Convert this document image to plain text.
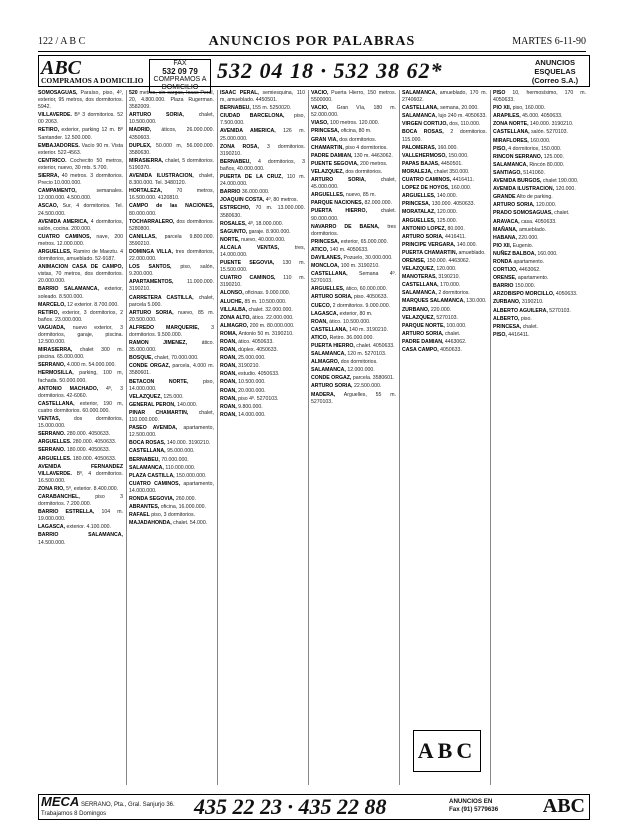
122 / A B C	ANUNCIOS POR PALABRAS	MARTES 6-11-90
ABC
COMPRAMOS A DOMICILIO
FAX
532 09 79
COMPRAMOS A DOMICILIO
532 04 18 · 532 38 62*	ANUNCIOS ESQUELAS (Correo S.A.)
SOMOSAGUAS, Paraíso, piso, 4º, exterior, 95 metros, dos dormitorios. 5942.
VILLAVERDE. Bº 3 dormitorios. 52 00 2063.
RETIRO, exterior, parking 12 m. Bº Santander. 12.500.000.
EMBAJADORES. Vacío 90 m. Vista exterior. 522-4563.
CENTRICO. Cochecito 50 metros, exterior, nuevo, 30 mts. 5.700.
SIERRA, 40 metros. 3 dormitorios. Precio 10.000.000.
CAMPAMENTO,	semanales. 12.000.000. 4.500.000.
ASCAO, Sur, 4 dormitorios. Tel. 24.500.000.
AVENIDA AMERICA, 4 dormitorios, salón, cocina. 200.000.
CUATRO CAMINOS, nave, 200 metros. 12.000.000.
ARGUELLES, Ramiro de Maeztu. 4 dormitorios, amueblado. 52-9187.
ANIMACION CASA DE CAMPO, vistas, 70 metros, dos dormitorios. 20.000.000.
BARRIO SALAMANCA, exterior, soleado. 8.500.000.
MARCELO, 12 exterior. 8.700.000.
RETIRO, exterior, 3 dormitorios, 2 baños. 23.000.000.
VAGUADA, nuevo exterior, 3 dormitorios, garaje, piscina. 12.500.000.
MIRASIERRA, chalet 300 m. piscina. 65.000.000.
SERRANO, 4.000 m. 54.000.000.
HERMOSILLA, parking, 100 m, fachada. 50.000.000.
ANTONIO MACHADO, 4º, 3 dormitorios. 42-6060.
CASTELLANA, exterior, 190 m, cuatro dormitorios. 60.000.000.
VENTAS,	dos dormitorios, 15.000.000.
SERRANO. 280.000. 4050633.
ARGUELLES. 280.000. 4050633.
SERRANO. 180.000. 4050633.
ARGUELLES. 180.000. 4050633.
AVENIDA FERNANDEZ VILLAVERDE. Bº, 4 dormitorios. 16.500.000.
ZONA RIO, 5º, exterior. 8.400.000.
CARABANCHEL,	piso 3 dormitorios. 7.200.000.
BARRIO ESTRELLA, 104 m. 19.000.000.
LAGASCA, exterior. 4.100.000.
BARRIO SALAMANCA, 14.500.000.
520 metros, sin cargas, Isaac Peral, 20, 4.800.000. Plaza Rugerman. 3582009.
ARTURO SORIA,	chalet, 10.500.000.
MADRID, áticos, 26.000.000. 4350603.
DUPLEX, 50.000 m, 56.000.000. 3580630.
MIRASIERRA, chalet, 5 dormitorios. 5190370.
AVENIDA ILUSTRACION, chalet, 8.300.000. Tel. 3480120.
HORTALEZA,	70 metros, 16.500.000. 4120810.
CAMPO de las NACIONES, 80.000.000.
TOCHARRALERO, dos dormitorios. 5280800.
CANILLAS, parcela 9.800.000. 3590210.
DOMINGA VILLA, tres dormitorios, 22.000.000.
LOS SANTOS, piso, salón, 9.200.000.
APARTAMENTOS,	11.000.000. 3190210.
CARRETERA CASTILLA, chalet, parcela 5.000.
ARTURO SORIA, nuevo, 85 m. 20.500.000.
ALFREDO MARQUERIE, 3 dormitorios. 9.500.000.
RAMON JIMENEZ,	ático. 35.000.000.
BOSQUE, chalet, 70.000.000.
CONDE ORGAZ, parcela, 4.000 m. 3580601.
BETACON NORTE,	piso, 14.000.000.
VELAZQUEZ, 125.000.
GENERAL PERON, 140.000.
PINAR CHAMARTIN, chalet, 110.000.000.
PASEO AVENIDA, apartamento, 12.500.000.
BOCA ROSAS, 140.000. 3190210.
CASTELLANA, 95.000.000.
BERNABEU, 70.000.000.
SALAMANCA, 110.000.000.
PLAZA CASTILLA, 150.000.000.
CUATRO CAMINOS, apartamento, 14.000.000.
RONDA SEGOVIA, 260.000.
ABRANTES, oficina, 16.000.000.
RAFAEL piso, 3 dormitorios.
MAJADAHONDA, chalet. 54.000.
ISAAC PERAL, semiesquina, 110 m, amueblado. 4450501.
BERNABEU, 155 m. 5250020.
CIUDAD BARCELONA, piso, 7.500.000.
AVENIDA AMERICA, 126 m. 25.000.000.
ZONA ROSA, 3 dormitorios. 3190210.
BERNABEU, 4 dormitorios, 3 baños, 40.000.000.
PUERTA DE LA CRUZ, 110 m. 24.000.000.
BARRIO 36.000.000.
JOAQUIN COSTA, 4º, 80 metros.
ESTRECHO, 70 m. 13.000.000. 3580630.
ROSALES, 4º, 18.000.000.
SAGUNTO, garaje. 8.900.000.
NORTE, nuevo, 40.000.000.
ALCALA VENTAS,	tres, 14.000.000.
PUENTE SEGOVIA, 130 m. 15.500.000.
CUATRO CAMINOS, 110 m. 3190210.
ALONSO, oficinas. 9.000.000.
ALUCHE, 85 m. 10.500.000.
VILLALBA, chalet. 32.000.000.
ZONA ALTO, ático. 22.000.000.
ALMAGRO, 200 m. 80.000.000.
ROMA, Antonio 50 m. 3190210.
ROAN, ático. 4050633.
ROAN, dúplex. 4050633.
ROAN, 25.000.000.
ROAN, 3190210.
ROAN, estudio. 4050633.
ROAN, 10.500.000.
ROAN, 20.000.000.
ROAN, piso 4º. 5270103.
ROAN, 9.800.000.
ROAN, 14.000.000.
VACIO, Puerta Hierro, 150 metros. 5500000.
VACIO, Gran Vía, 180 m. 52.000.000.
VIASO, 100 metros. 120.000.
PRINCESA, oficina, 80 m.
GRAN VIA, dos dormitorios.
CHAMARTIN, piso 4 dormitorios.
PADRE DAMIAN, 130 m. 4463062.
PUENTE SEGOVIA, 200 metros.
VELAZQUEZ, dos dormitorios.
ARTURO SORIA,	chalet, 45.000.000.
ARGUELLES, nuevo, 85 m.
PARQUE NACIONES, 82.000.000.
PUERTA HIERRO,	chalet. 90.000.000.
NAVARRO DE BAENA, tres dormitorios.
PRINCESA, exterior, 65.000.000.
ATICO, 140 m. 4050633.
DAVILANES, Pozuelo, 30.000.000.
MONCLOA, 100 m. 3190210.
CASTELLANA, Semana 4º. 5270103.
ARGUELLES, ático, 60.000.000.
ARTURO SORIA, piso. 4050633.
CUECO, 2 dormitorios. 9.000.000.
LAGASCA, exterior, 80 m.
ROAN, ático. 10.500.000.
CASTELLANA, 140 m. 3190210.
ATICO, Retiro. 36.000.000.
PUERTA HIERRO, chalet. 4050633.
SALAMANCA, 120 m. 5270103.
ALMAGRO, dos dormitorios.
SALAMANCA, 12.000.000.
CONDE ORGAZ, parcela. 3580601.
ARTURO SORIA, 22.500.000.
MADERA, Arguelles, 55 m. 5270103.
SALAMANCA, amueblado, 170 m. 2740602.
CASTELLANA, semana, 20.000.
SALAMANCA, lujo 240 m. 4050633.
VIRGEN CORTIJO, dos, 110.000.
BOCA ROSAS, 2 dormitorios. 115.000.
PALOMERAS, 160.000.
VALLEHERMOSO, 150.000.
PAPAS BAJAS, 4450501.
MORALEJA, chalet 350.000.
CUATRO CAMINOS, 4416411.
LOPEZ DE HOYOS, 160.000.
ARGUELLES, 140.000.
PRINCESA, 130.000. 4050633.
MORATALAZ, 120.000.
ARGUELLES, 125.000.
ANTONIO LOPEZ, 80.000.
ARTURO SORIA, 4416411.
PRINCIPE VERGARA, 140.000.
PUERTA CHAMARTIN, amueblado.
ORENSE, 150.000. 4463062.
VELAZQUEZ, 120.000.
MANOTERAS, 3190210.
CASTELLANA, 170.000.
SALAMANCA, 2 dormitorios.
MARQUES SALAMANCA, 130.000.
ZURBANO, 220.000.
VELAZQUEZ, 5270103.
PARQUE NORTE, 100.000.
ARTURO SORIA, chalet.
PADRE DAMIAN, 4463062.
CASA CAMPO, 4050633.
PISO 10, hermosísimo, 170 m. 4050633.
PIO XII, piso, 160.000.
ARAPILES, 45.000. 4050633.
ZONA NORTE, 140.000. 3190210.
CASTELLANA, salón. 5270103.
MIRAFLORES, 160.000.
PISO, 4 dormitorios, 150.000.
RINCON SERRANO, 125.000.
SALAMANCA, Rincón 80.000.
SANTIAGO, 5141060.
AVENIDA BURGOS, chalet 190.000.
AVENIDA ILUSTRACION, 120.000.
GRANDE Alto de parking.
ARTURO SORIA, 120.000.
PRADO SOMOSAGUAS, chalet.
ARAVACA, casa. 4050633.
MAÑANA, amueblado.
HABANA, 220.000.
PIO XII, Eugenio.
NUÑEZ BALBOA, 160.000.
RONDA apartamento.
CORTIJO, 4463062.
ORENSE, apartamento.
BARRIO 150.000.
ARZOBISPO MORCILLO, 4050633.
ZURBANO, 3190210.
ALBERTO AGUILERA, 5270103.
ALBERTO, piso.
PRINCESA, chalet.
PISO, 4416411.
ABC
MECA SERRANO, Pta., Gral. Sanjurjo 36. Trabajamos 8 Domingos	435 22 23 · 435 22 88	ANUNCIOS EN
Fax (91) 5779636 ABC
